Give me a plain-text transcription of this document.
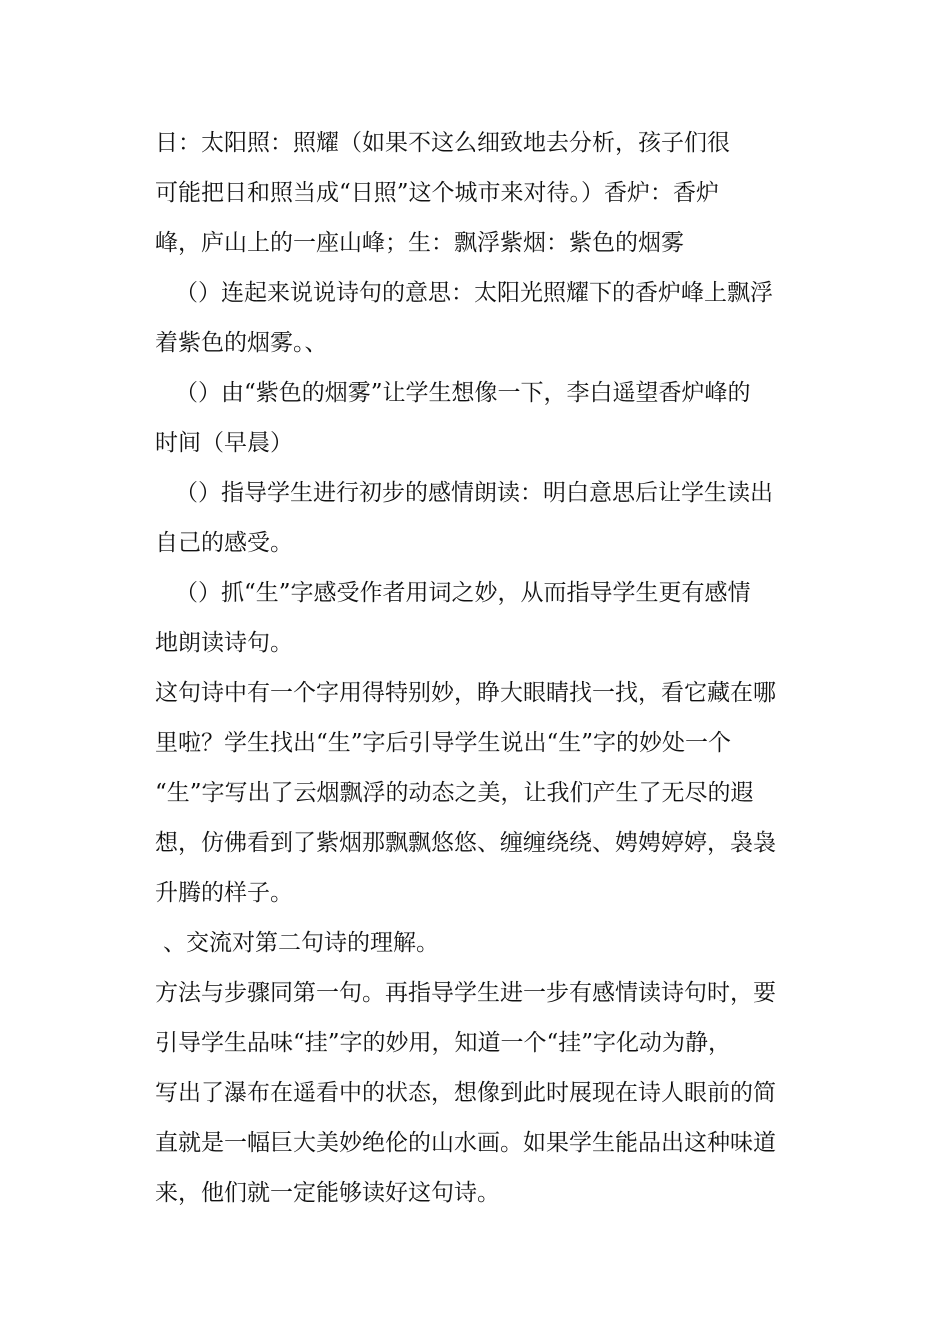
日：太阳照：照耀（如果不这么细致地去分析，孩子们很
可能把日和照当成“日照”这个城市来对待。）香炉：香炉
峰，庐山上的一座山峰；生：飘浮紫烟：紫色的烟雾
（）连起来说说诗句的意思：太阳光照耀下的香炉峰上飘浮
着紫色的烟雾。、
（）由“紫色的烟雾”让学生想像一下，李白遥望香炉峰的
时间（早晨）
（）指导学生进行初步的感情朗读：明白意思后让学生读出
自己的感受。
（）抓“生”字感受作者用词之妙，从而指导学生更有感情
地朗读诗句。
这句诗中有一个字用得特别妙，睁大眼睛找一找，看它藏在哪
里啦？学生找出“生”字后引导学生说出“生”字的妙处一个
“生”字写出了云烟飘浮的动态之美，让我们产生了无尽的遐
想，仿佛看到了紫烟那飘飘悠悠、缠缠绕绕、娉娉婷婷，袅袅
升腾的样子。
、交流对第二句诗的理解。
方法与步骤同第一句。再指导学生进一步有感情读诗句时，要
引导学生品味“挂”字的妙用，知道一个“挂”字化动为静，
写出了瀑布在遥看中的状态，想像到此时展现在诗人眼前的简
直就是一幅巨大美妙绝伦的山水画。如果学生能品出这种味道
来，他们就一定能够读好这句诗。
